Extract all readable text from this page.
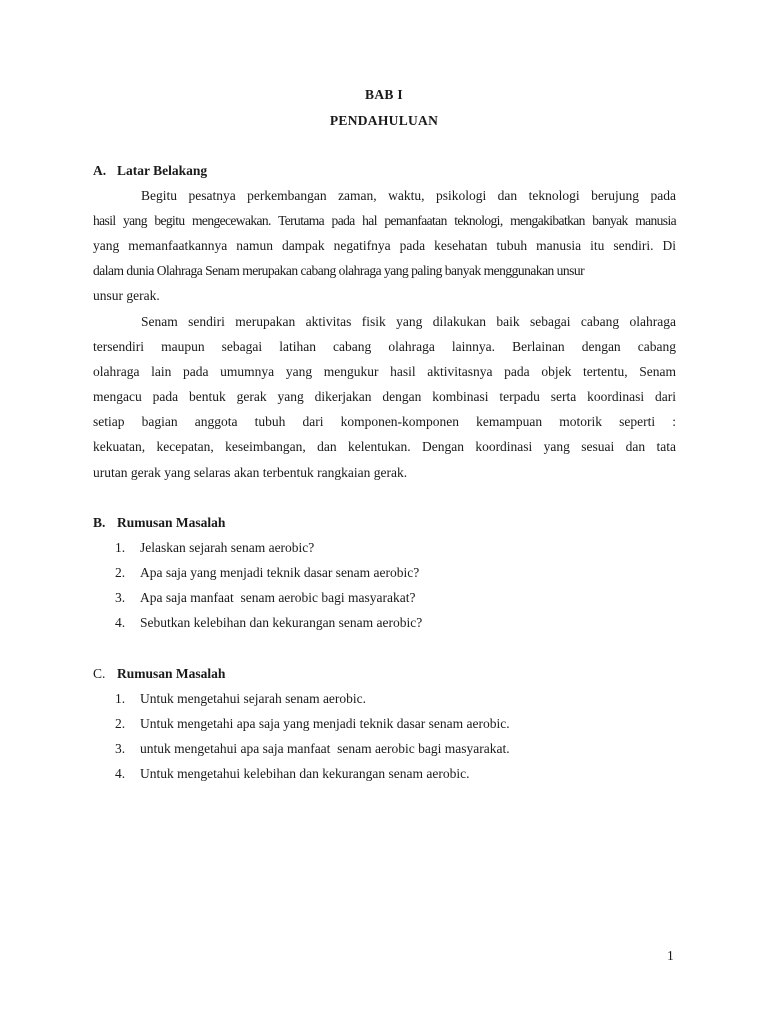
BAB I
PENDAHULUAN
A. Latar Belakang
Begitu pesatnya perkembangan zaman, waktu, psikologi dan teknologi berujung pada
hasil yang begitu mengecewakan. Terutama pada hal pemanfaatan teknologi, mengakibatkan banyak manusia
yang memanfaatkannya namun dampak negatifnya pada kesehatan tubuh manusia itu sendiri. Di
dalam dunia Olahraga Senam merupakan cabang olahraga yang paling banyak menggunakan unsur
unsur gerak.
Senam sendiri merupakan aktivitas fisik yang dilakukan baik sebagai cabang olahraga
tersendiri maupun sebagai latihan cabang olahraga lainnya. Berlainan dengan cabang
olahraga lain pada umumnya yang mengukur hasil aktivitasnya pada objek tertentu, Senam
mengacu pada bentuk gerak yang dikerjakan dengan kombinasi terpadu serta koordinasi dari
setiap bagian anggota tubuh dari komponen-komponen kemampuan motorik seperti :
kekuatan, kecepatan, keseimbangan, dan kelentukan. Dengan koordinasi yang sesuai dan tata
urutan gerak yang selaras akan terbentuk rangkaian gerak.
B. Rumusan Masalah
1. Jelaskan sejarah senam aerobic?
2. Apa saja yang menjadi teknik dasar senam aerobic?
3. Apa saja manfaat  senam aerobic bagi masyarakat?
4. Sebutkan kelebihan dan kekurangan senam aerobic?
C. Rumusan Masalah
1. Untuk mengetahui sejarah senam aerobic.
2. Untuk mengetahi apa saja yang menjadi teknik dasar senam aerobic.
3. untuk mengetahui apa saja manfaat  senam aerobic bagi masyarakat.
4. Untuk mengetahui kelebihan dan kekurangan senam aerobic.
1
